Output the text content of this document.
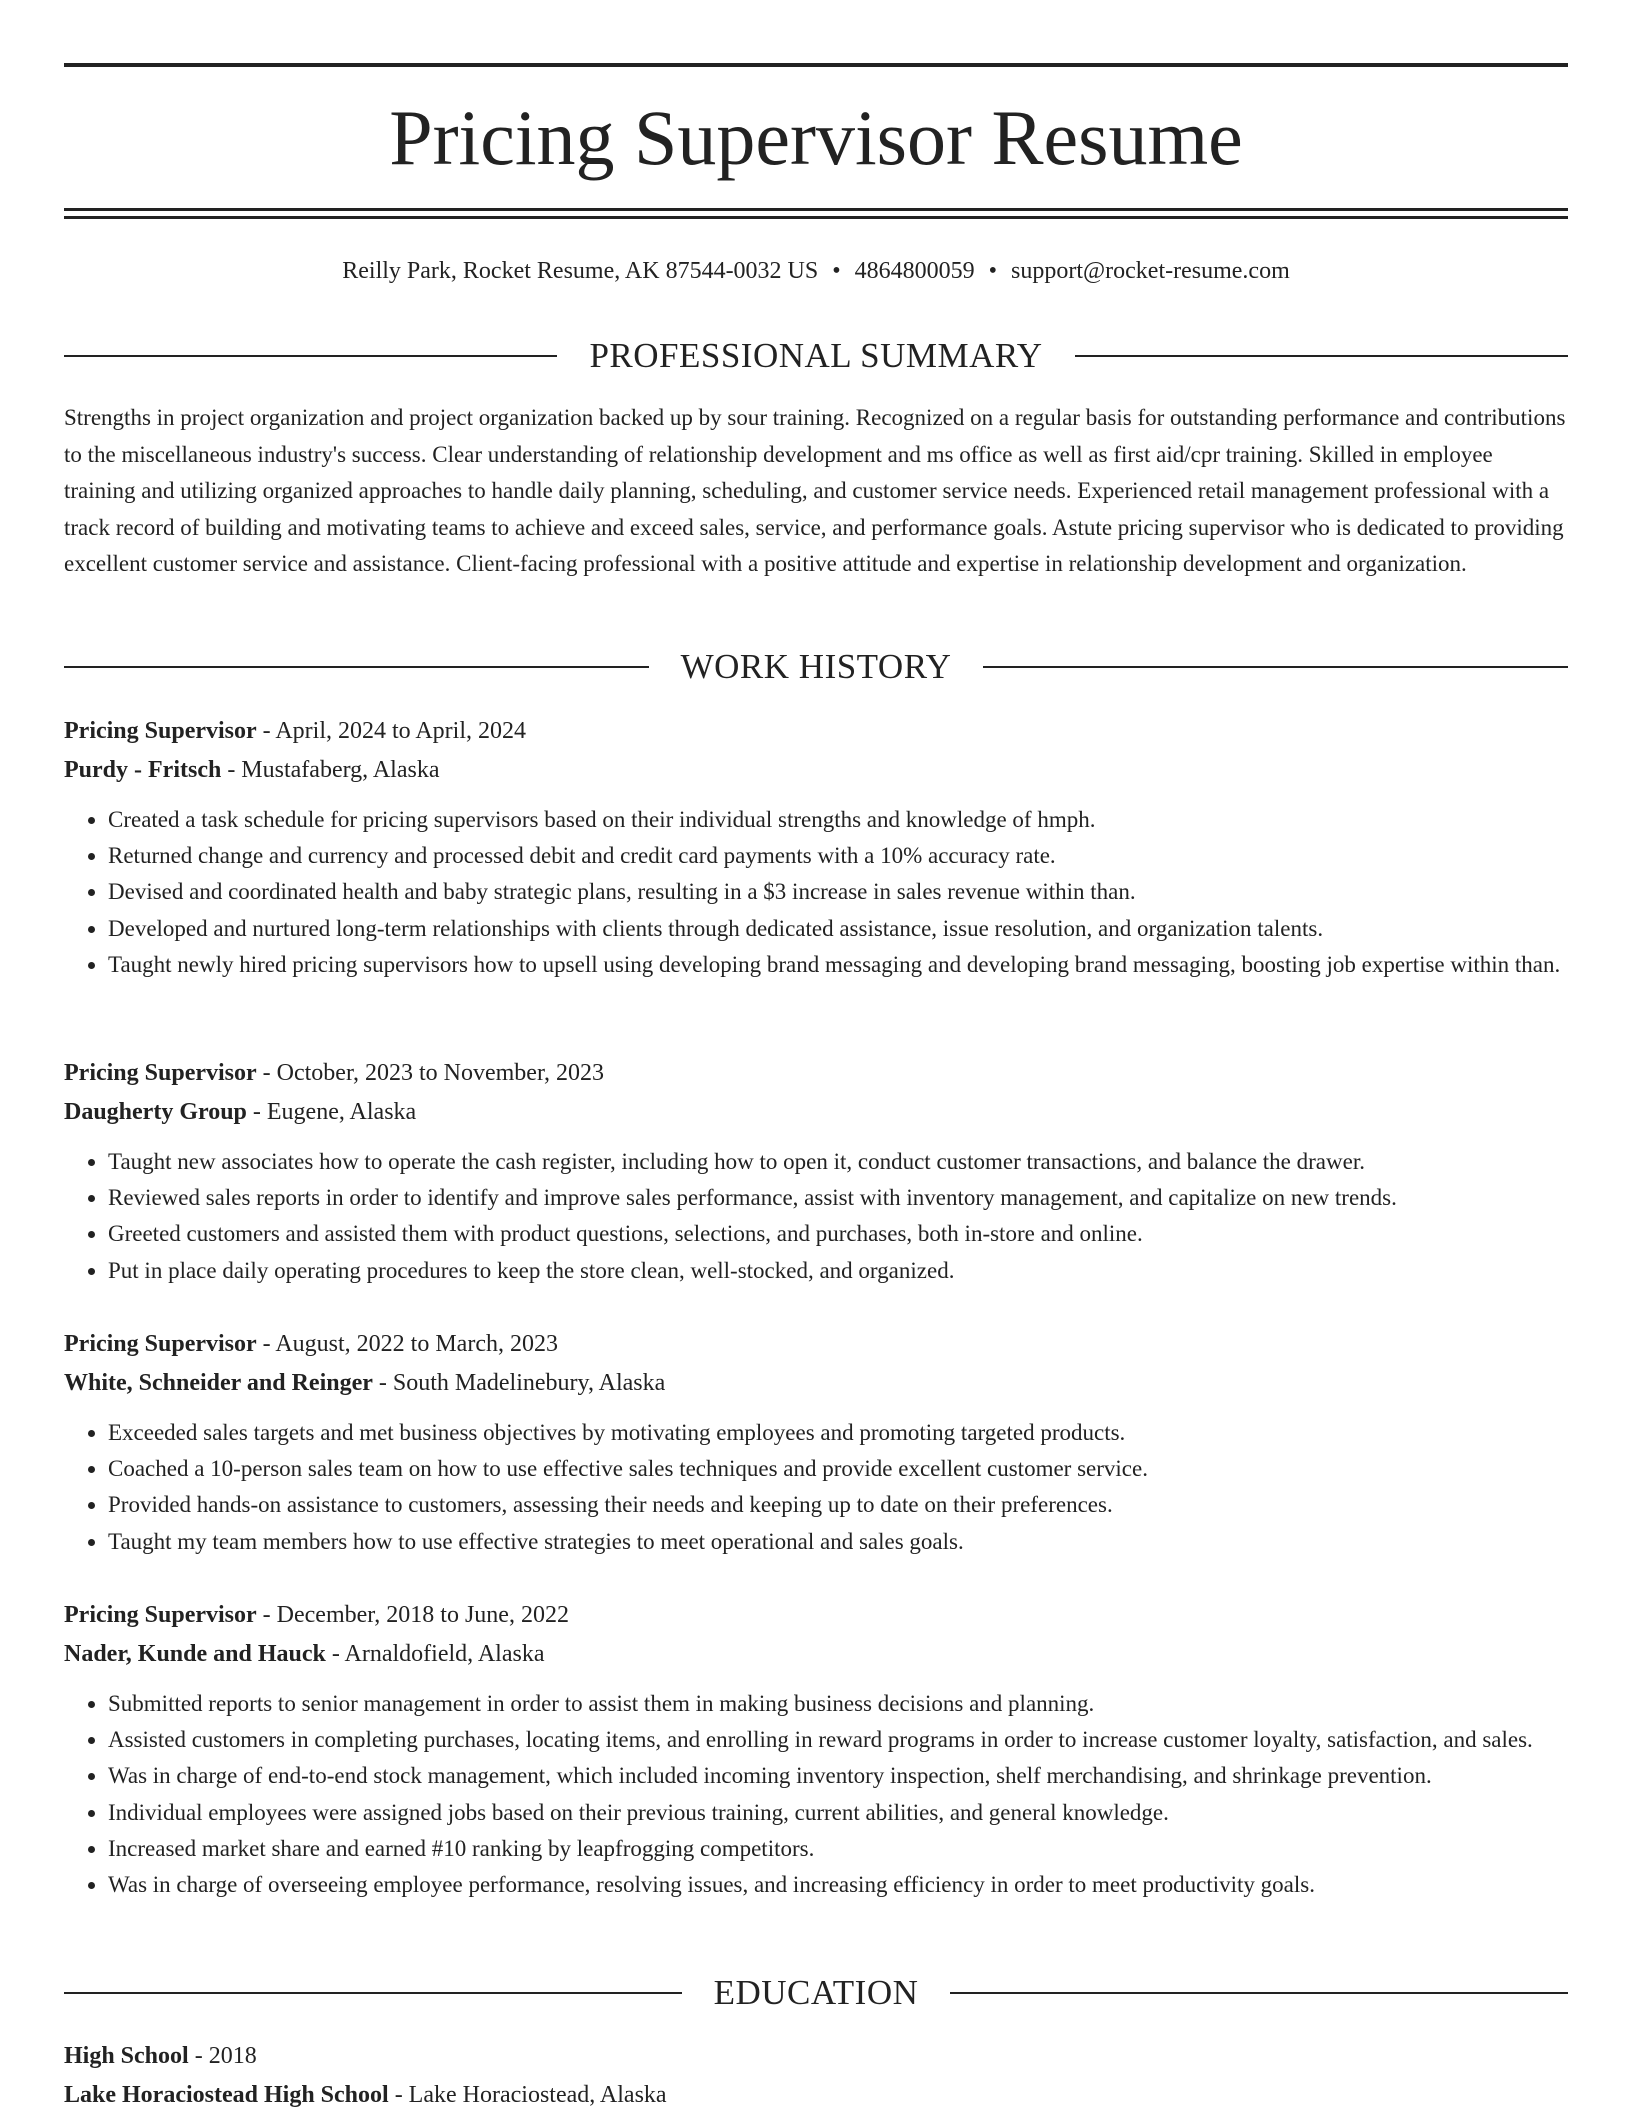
Pricing Supervisor Resume
Reilly Park, Rocket Resume, AK 87544-0032 US • 4864800059 • support@rocket-resume.com
PROFESSIONAL SUMMARY

Strengths in project organization and project organization backed up by sour training. Recognized on a regular basis for outstanding performance and contributions to the miscellaneous industry's success. Clear understanding of relationship development and ms office as well as first aid/cpr training. Skilled in employee training and utilizing organized approaches to handle daily planning, scheduling, and customer service needs. Experienced retail management professional with a track record of building and motivating teams to achieve and exceed sales, service, and performance goals. Astute pricing supervisor who is dedicated to providing excellent customer service and assistance. Client-facing professional with a positive attitude and expertise in relationship development and organization.

WORK HISTORY
Pricing Supervisor - April, 2024 to April, 2024
Purdy - Fritsch - Mustafaberg, Alaska
• Created a task schedule for pricing supervisors based on their individual strengths and knowledge of hmph.
• Returned change and currency and processed debit and credit card payments with a 10% accuracy rate.
• Devised and coordinated health and baby strategic plans, resulting in a $3 increase in sales revenue within than.
• Developed and nurtured long-term relationships with clients through dedicated assistance, issue resolution, and organization talents.
• Taught newly hired pricing supervisors how to upsell using developing brand messaging and developing brand messaging, boosting job expertise within than.
Pricing Supervisor - October, 2023 to November, 2023
Daugherty Group - Eugene, Alaska
• Taught new associates how to operate the cash register, including how to open it, conduct customer transactions, and balance the drawer.
• Reviewed sales reports in order to identify and improve sales performance, assist with inventory management, and capitalize on new trends.
• Greeted customers and assisted them with product questions, selections, and purchases, both in-store and online.
• Put in place daily operating procedures to keep the store clean, well-stocked, and organized.
Pricing Supervisor - August, 2022 to March, 2023
White, Schneider and Reinger - South Madelinebury, Alaska
• Exceeded sales targets and met business objectives by motivating employees and promoting targeted products.
• Coached a 10-person sales team on how to use effective sales techniques and provide excellent customer service.
• Provided hands-on assistance to customers, assessing their needs and keeping up to date on their preferences.
• Taught my team members how to use effective strategies to meet operational and sales goals.
Pricing Supervisor - December, 2018 to June, 2022
Nader, Kunde and Hauck - Arnaldofield, Alaska
• Submitted reports to senior management in order to assist them in making business decisions and planning.
• Assisted customers in completing purchases, locating items, and enrolling in reward programs in order to increase customer loyalty, satisfaction, and sales.
• Was in charge of end-to-end stock management, which included incoming inventory inspection, shelf merchandising, and shrinkage prevention.
• Individual employees were assigned jobs based on their previous training, current abilities, and general knowledge.
• Increased market share and earned #10 ranking by leapfrogging competitors.
• Was in charge of overseeing employee performance, resolving issues, and increasing efficiency in order to meet productivity goals.
EDUCATION
High School - 2018
Lake Horaciostead High School - Lake Horaciostead, Alaska
